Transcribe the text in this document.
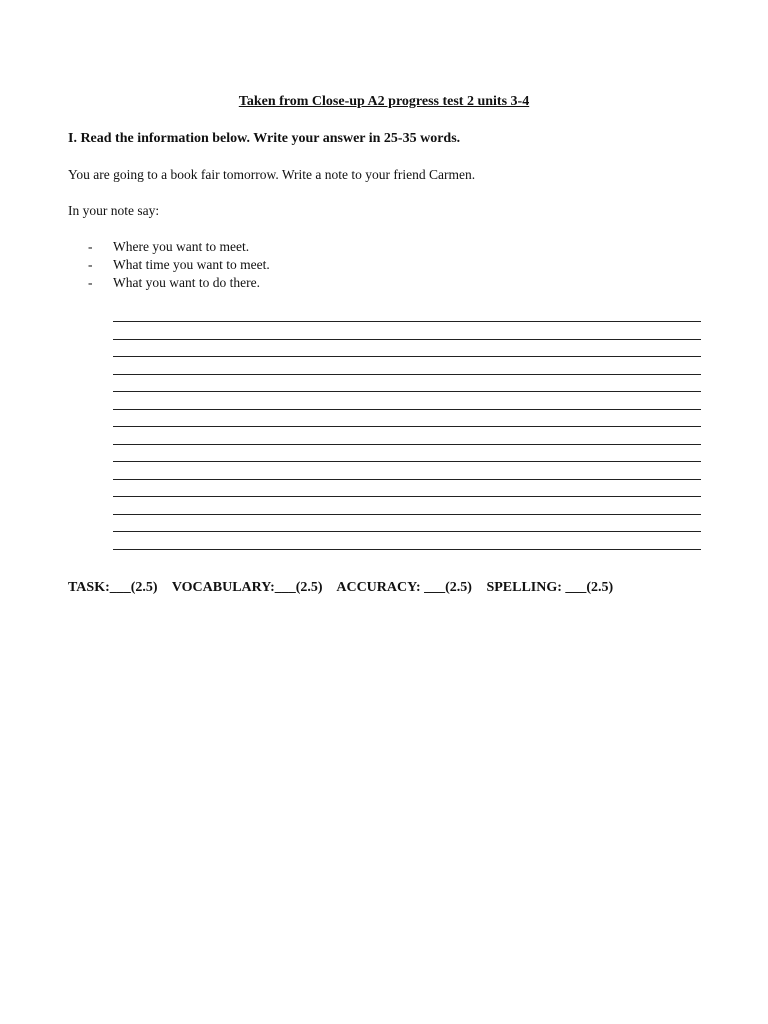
Taken from Close-up A2 progress test 2 units 3-4

I. Read the information below. Write your answer in 25-35 words.

You are going to a book fair tomorrow. Write a note to your friend Carmen.

In your note say:

- Where you want to meet.
- What time you want to meet.
- What you want to do there.

TASK:___(2.5) VOCABULARY:___(2.5) ACCURACY: ___(2.5) SPELLING: ___(2.5)
